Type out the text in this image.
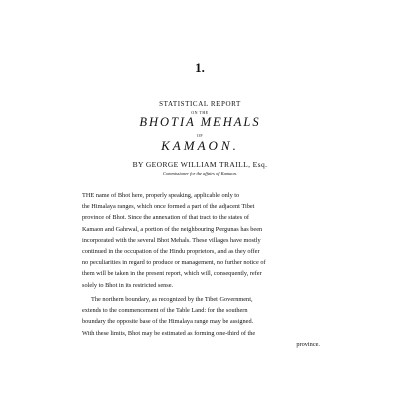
1.
STATISTICAL REPORT
ON THE
BHOTIA MEHALS
OF
KAMAON.
BY GEORGE WILLIAM TRAILL, Esq.
Commissioner for the affairs of Kamaon.
THE name of Bhot here, properly speaking, applicable only to
the Himalaya ranges, which once formed a part of the adjacent Tibet
province of Bhot. Since the annexation of that tract to the states of
Kamaon and Gahrwal, a portion of the neighbouring Pergunas has been
incorporated with the several Bhot Mehals. These villages have mostly
continued in the occupation of the Hindu proprietors, and as they offer
no peculiarities in regard to produce or management, no further notice of
them will be taken in the present report, which will, consequently, refer
solely to Bhot in its restricted sense.
The northern boundary, as recognized by the Tibet Government,
extends to the commencement of the Table Land: for the southern
boundary the opposite base of the Himalaya range may be assigned.
With these limits, Bhot may be estimated as forming one-third of the
province.
